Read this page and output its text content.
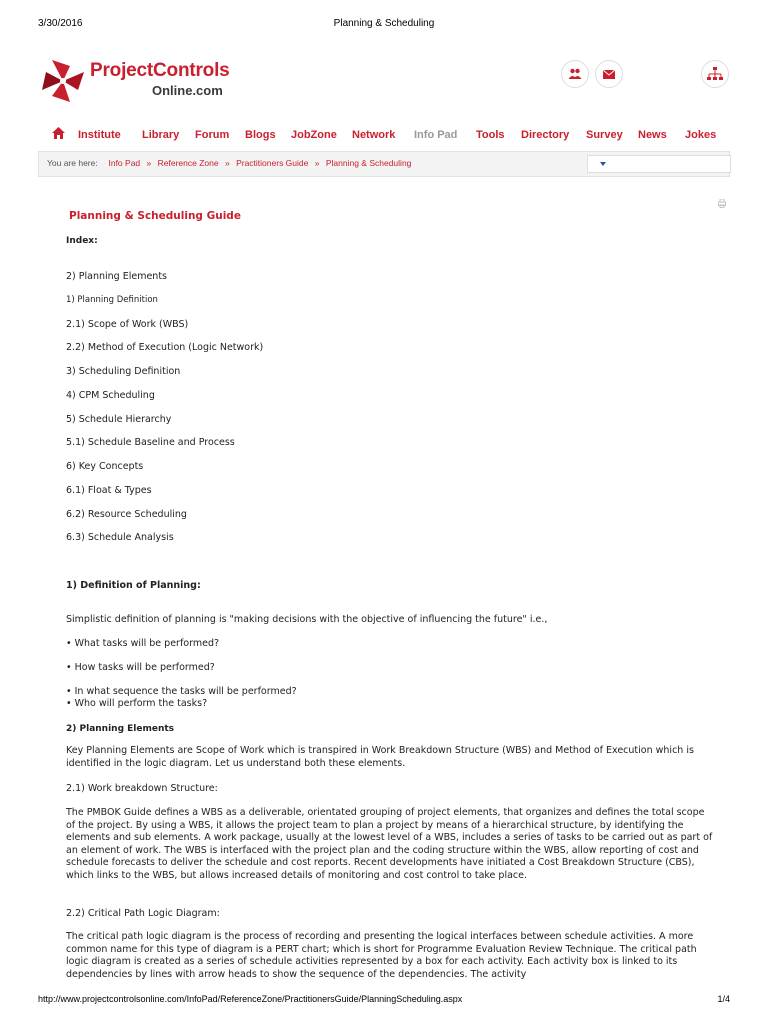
3/30/2016	Planning & Scheduling
ProjectControls
Online.com
Institute Library Forum Blogs JobZone Network Info Pad Tools Directory Survey News Jokes
You are here: Info Pad » Reference Zone » Practitioners Guide » Planning & Scheduling
Planning & Scheduling Guide
Index:
2) Planning Elements
1) Planning Definition
2.1) Scope of Work (WBS)
2.2) Method of Execution (Logic Network)
3) Scheduling Definition
4) CPM Scheduling
5) Schedule Hierarchy
5.1) Schedule Baseline and Process
6) Key Concepts
6.1) Float & Types
6.2) Resource Scheduling
6.3) Schedule Analysis
1) Definition of Planning:
Simplistic definition of planning is "making decisions with the objective of influencing the future" i.e.,
• What tasks will be performed?
• How tasks will be performed?
• In what sequence the tasks will be performed?
• Who will perform the tasks?
2) Planning Elements
Key Planning Elements are Scope of Work which is transpired in Work Breakdown Structure (WBS) and Method of Execution which is identified in the logic diagram. Let us understand both these elements.
2.1) Work breakdown Structure:
The PMBOK Guide defines a WBS as a deliverable, orientated grouping of project elements, that organizes and defines the total scope of the project. By using a WBS, it allows the project team to plan a project by means of a hierarchical structure, by identifying the elements and sub elements. A work package, usually at the lowest level of a WBS, includes a series of tasks to be carried out as part of an element of work. The WBS is interfaced with the project plan and the coding structure within the WBS, allow reporting of cost and schedule forecasts to deliver the schedule and cost reports. Recent developments have initiated a Cost Breakdown Structure (CBS), which links to the WBS, but allows increased details of monitoring and cost control to take place.
2.2) Critical Path Logic Diagram:
The critical path logic diagram is the process of recording and presenting the logical interfaces between schedule activities. A more common name for this type of diagram is a PERT chart; which is short for Programme Evaluation Review Technique. The critical path logic diagram is created as a series of schedule activities represented by a box for each activity. Each activity box is linked to its dependencies by lines with arrow heads to show the sequence of the dependencies. The activity
http://www.projectcontrolsonline.com/InfoPad/ReferenceZone/PractitionersGuide/PlanningScheduling.aspx	1/4
